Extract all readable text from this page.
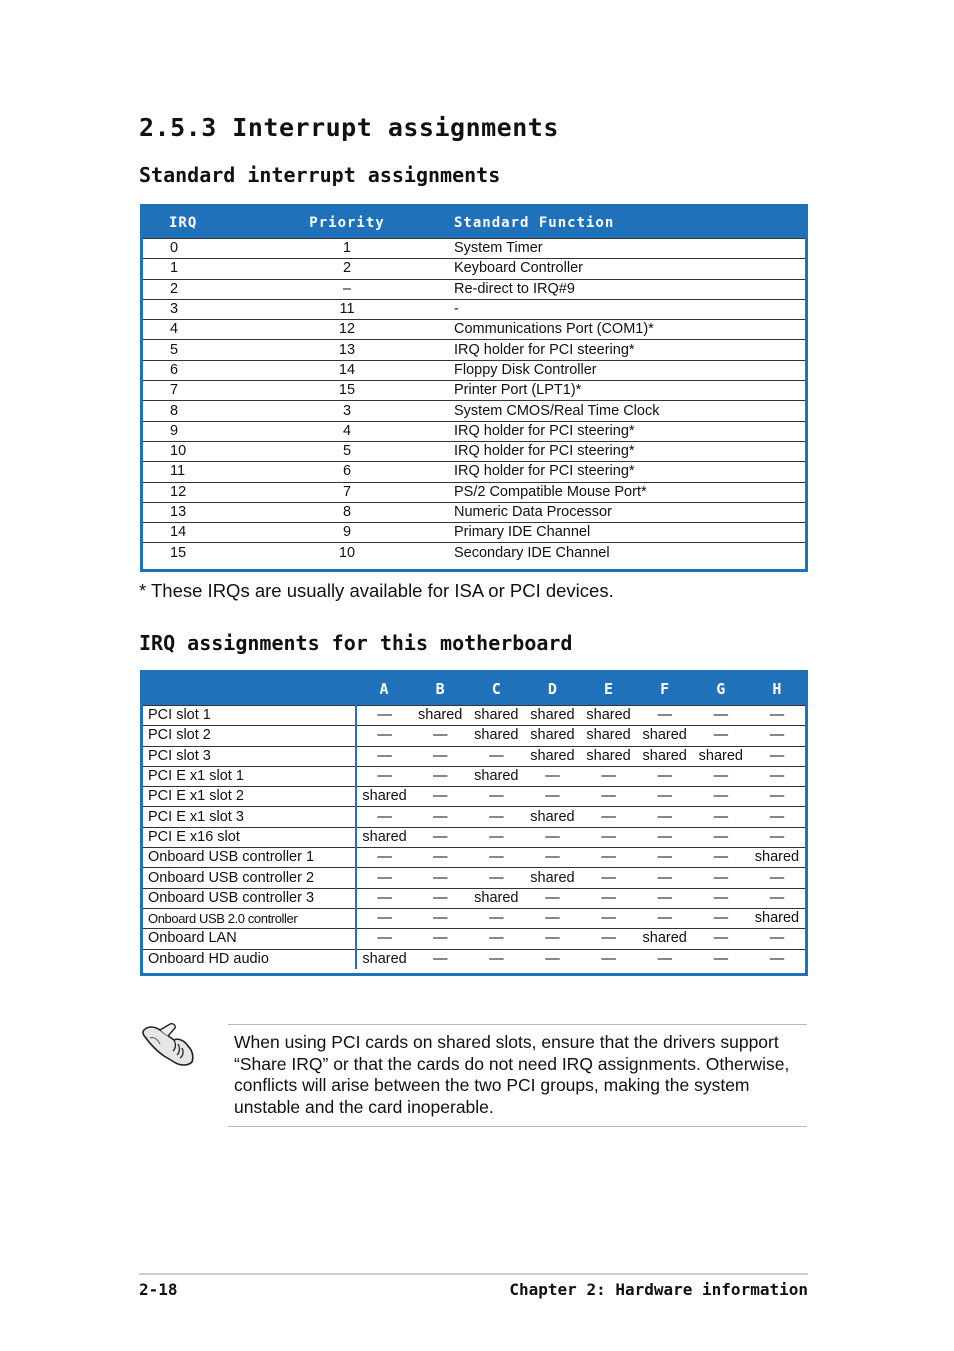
2.5.3 Interrupt assignments
Standard interrupt assignments
IRQ	Priority	Standard Function
0	1	System Timer
1	2	Keyboard Controller
2	–	Re-direct to IRQ#9
3	11	-
4	12	Communications Port (COM1)*
5	13	IRQ holder for PCI steering*
6	14	Floppy Disk Controller
7	15	Printer Port (LPT1)*
8	3	System CMOS/Real Time Clock
9	4	IRQ holder for PCI steering*
10	5	IRQ holder for PCI steering*
11	6	IRQ holder for PCI steering*
12	7	PS/2 Compatible Mouse Port*
13	8	Numeric Data Processor
14	9	Primary IDE Channel
15	10	Secondary IDE Channel

* These IRQs are usually available for ISA or PCI devices.

IRQ assignments for this motherboard
	A	B	C	D	E	F	G	H
PCI slot 1	—	shared	shared	shared	shared	—	—	—
PCI slot 2	—	—	shared	shared	shared	shared	—	—
PCI slot 3	—	—	—	shared	shared	shared	shared	—
PCI E x1 slot 1	—	—	shared	—	—	—	—	—
PCI E x1 slot 2	shared	—	—	—	—	—	—	—
PCI E x1 slot 3	—	—	—	shared	—	—	—	—
PCI E x16 slot	shared	—	—	—	—	—	—	—
Onboard USB controller 1	—	—	—	—	—	—	—	shared
Onboard USB controller 2	—	—	—	shared	—	—	—	—
Onboard USB controller 3	—	—	shared	—	—	—	—	—
Onboard USB 2.0 controller	—	—	—	—	—	—	—	shared
Onboard LAN	—	—	—	—	—	shared	—	—
Onboard HD audio	shared	—	—	—	—	—	—	—

When using PCI cards on shared slots, ensure that the drivers support “Share IRQ” or that the cards do not need IRQ assignments. Otherwise, conflicts will arise between the two PCI groups, making the system unstable and the card inoperable.

2-18	Chapter 2: Hardware information
